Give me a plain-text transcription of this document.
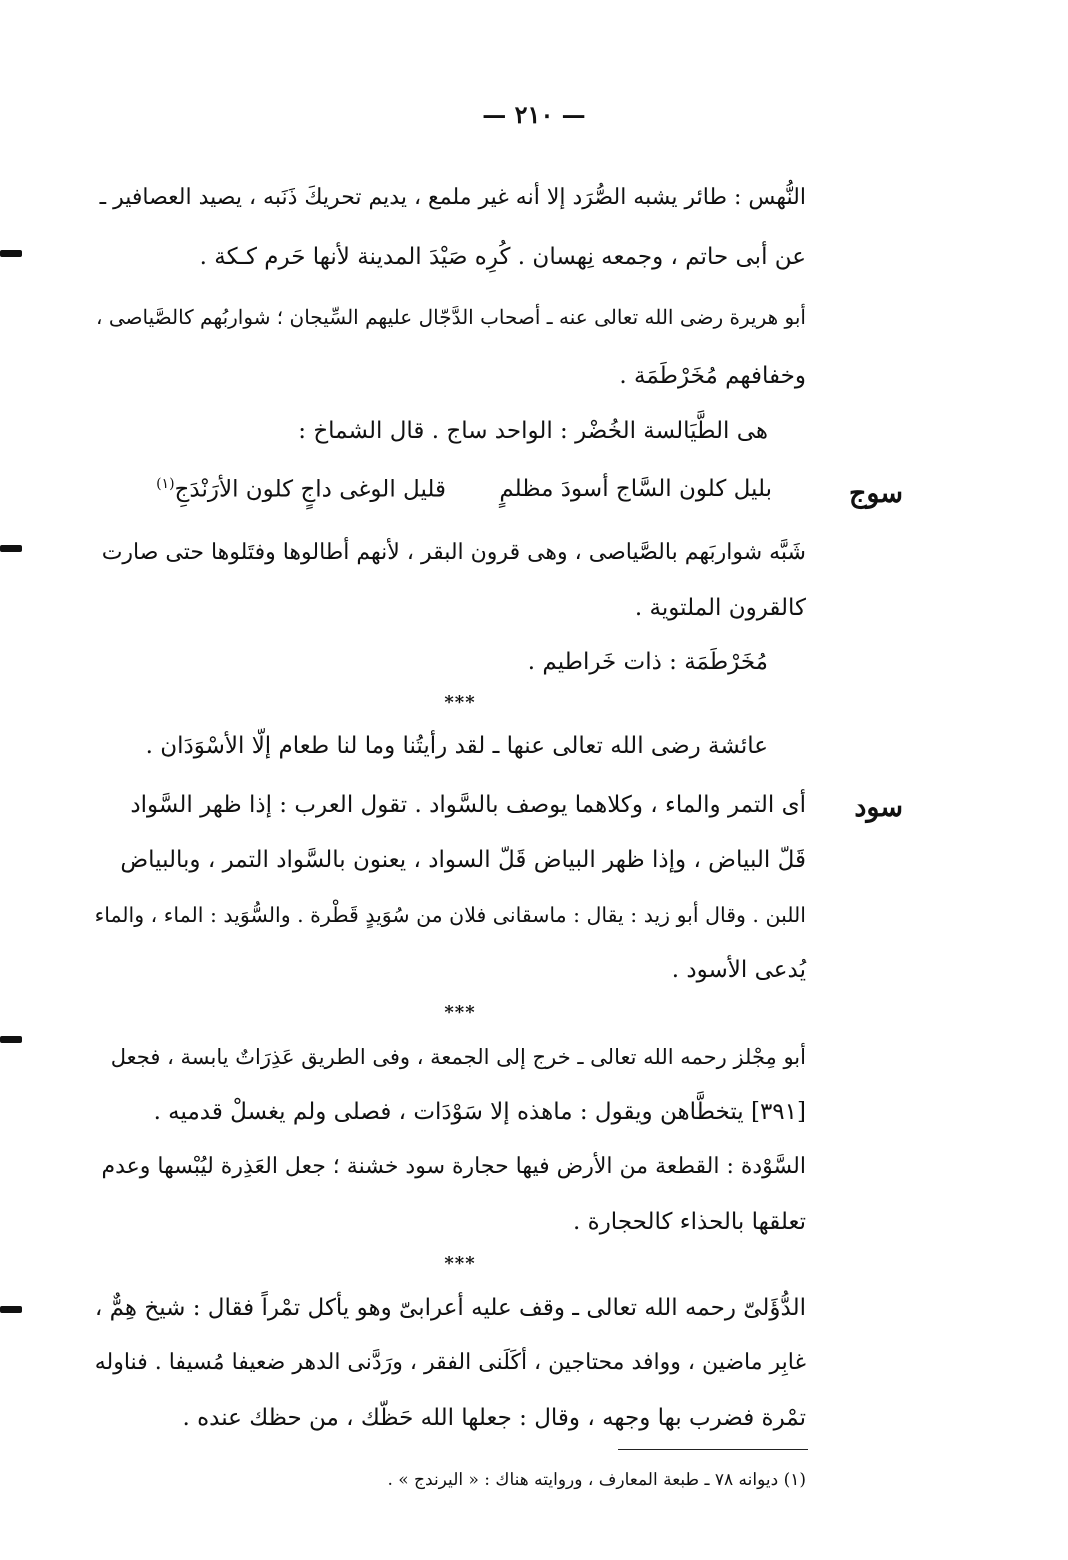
— ٢١٠ —
النُّهس : طائر يشبه الصُّرَد إلا أنه غير ملمع ، يديم تحريكَ ذَنَبه ، يصيد العصافير ـ
عن أبى حاتم ، وجمعه نِهسان . كُرِه صَيْدَ المدينة لأنها حَرم كـكة .
أبو هريرة رضى الله تعالى عنه ـ أصحاب الدَّجّال عليهم السِّيجان ؛ شواربُهم كالصَّياصى ،
وخفافهم مُخَرْطَمَة .
هى الطَّيَالسة الخُضْر : الواحد ساج . قال الشماخ :
سوج
بليل كلون السَّاج أسودَ مظلمٍ
قليل الوغى داجٍ كلون الأرَنْدَجِ$^{(١)}$
شَبَّه شواربَهم بالصَّياصى ، وهى قرون البقر ، لأنهم أطالوها وفتَلوها حتى صارت
كالقرون الملتوية .
مُخَرْطَمَة : ذات خَراطيم .
***
عائشة رضى الله تعالى عنها ـ لقد رأيتُنا وما لنا طعام إلّا الأسْوَدَان .
سود
أى التمر والماء ، وكلاهما يوصف بالسَّواد . تقول العرب : إذا ظهر السَّواد
قَلّ البياض ، وإذا ظهر البياض قَلّ السواد ، يعنون بالسَّواد التمر ، وبالبياض
اللبن . وقال أبو زيد : يقال : ماسقانى فلان من سُوَيدٍ قَطْرة . والسُّوَيد : الماء ، والماء
يُدعى الأسود .
***
أبو مِجْلز رحمه الله تعالى ـ خرج إلى الجمعة ، وفى الطريق عَذِرَاتٌ يابسة ، فجعل
[٣٩١] يتخطَّاهن ويقول : ماهذه إلا سَوْدَات ، فصلى ولم يغسلْ قدميه .
السَّوْدة : القطعة من الأرض فيها حجارة سود خشنة ؛ جعل العَذِرة ليُبْسها وعدم
تعلقها بالحذاء كالحجارة .
***
الدُّؤَلىّ رحمه الله تعالى ـ وقف عليه أعرابىّ وهو يأكل تمْراً فقال : شيخ هِمٌّ ،
غابِر ماضين ، ووافد محتاجين ، أكَلَنى الفقر ، ورَدَّنى الدهر ضعيفا مُسيفا . فناوله
تمْرة فضرب بها وجهه ، وقال : جعلها الله حَظّك ، من حظك عنده .
(١) ديوانه ٧٨ ـ طبعة المعارف ، وروايته هناك : « اليرندج » .
